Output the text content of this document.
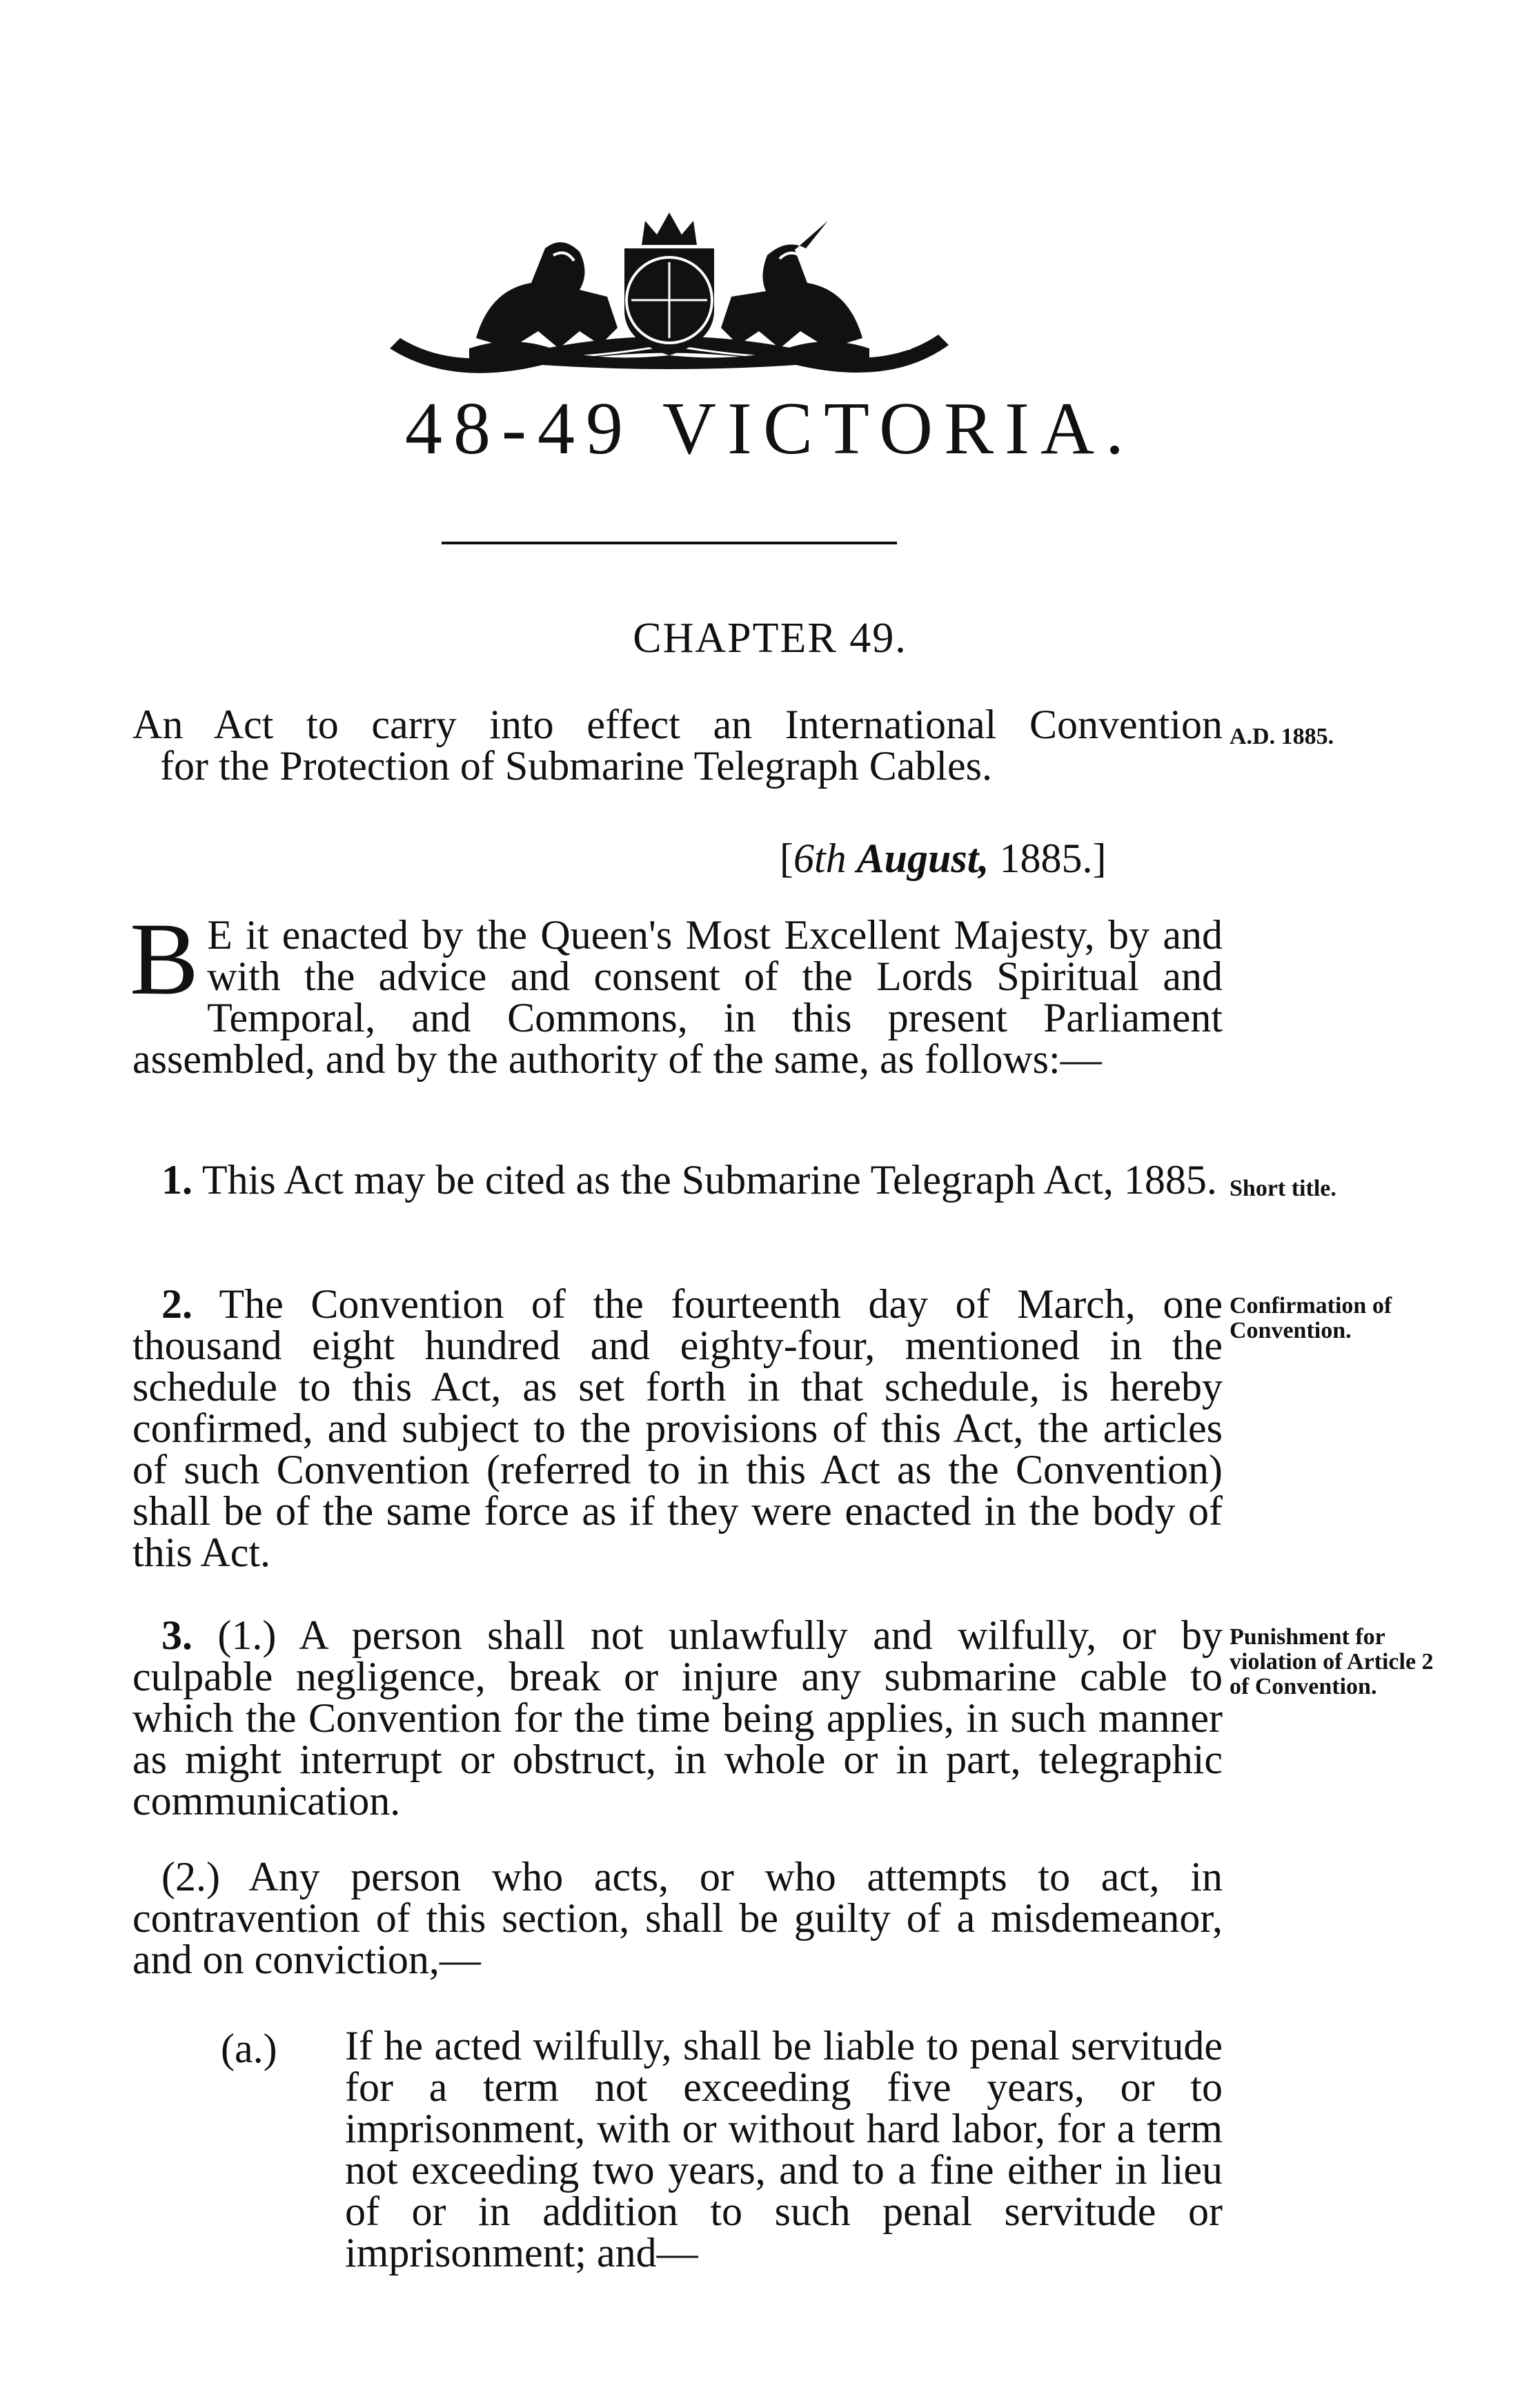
48-49 VICTORIA.
CHAPTER 49.

An Act to carry into effect an International Convention

for the Protection of Submarine Telegraph Cables.

A.D. 1885.
[6th August, 1885.]
B E it enacted by the Queen's Most Excellent Majesty, by and with the advice and consent of the Lords Spiritual and Temporal, and Commons, in this present Parliament assembled, and by the authority of the same, as follows:—

1. This Act may be cited as the Submarine Telegraph Act, 1885. Short title.

2. The Convention of the fourteenth day of March, one thousand eight hundred and eighty-four, mentioned in the schedule to this Act, as set forth in that schedule, is hereby confirmed, and subject to the provisions of this Act, the articles of such Convention (referred to in this Act as the Convention) shall be of the same force as if they were enacted in the body of this Act.

Confirmation of Convention.

3. (1.) A person shall not unlawfully and wilfully, or by culpable negligence, break or injure any submarine cable to which the Convention for the time being applies, in such manner as might interrupt or obstruct, in whole or in part, telegraphic communication.

Punishment for violation of Article 2 of Convention.

(2.) Any person who acts, or who attempts to act, in contravention of this section, shall be guilty of a misdemeanor, and on conviction,—

(a.) If he acted wilfully, shall be liable to penal servitude for a term not exceeding five years, or to imprisonment, with or without hard labor, for a term not exceeding two years, and to a fine either in lieu of or in addition to such penal servitude or imprisonment; and—
